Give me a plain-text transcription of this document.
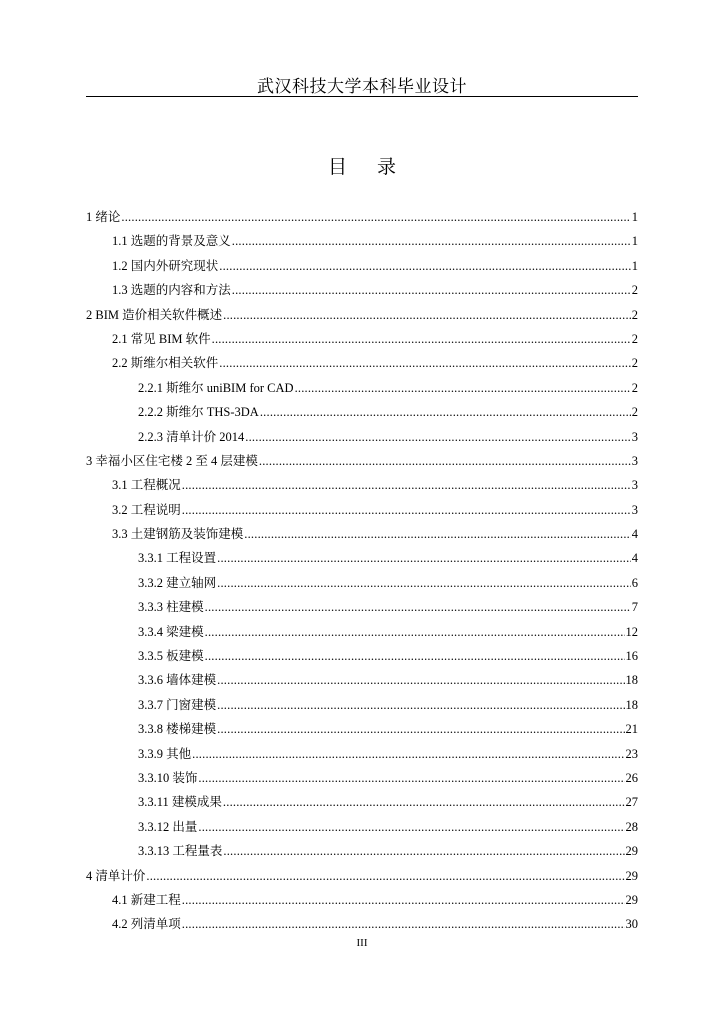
武汉科技大学本科毕业设计
目 录
1 绪论 .....	1
1.1 选题的背景及意义 .....	1
1.2 国内外研究现状 .....	1
1.3 选题的内容和方法 .....	2
2 BIM 造价相关软件概述 .....	2
2.1 常见 BIM 软件 .....	2
2.2 斯维尔相关软件 .....	2
2.2.1 斯维尔 uniBIM for CAD .....	2
2.2.2 斯维尔 THS-3DA .....	2
2.2.3 清单计价 2014 .....	3
3 幸福小区住宅楼 2 至 4 层建模 .....	3
3.1 工程概况 .....	3
3.2 工程说明 .....	3
3.3 土建钢筋及装饰建模 .....	4
3.3.1 工程设置 .....	4
3.3.2 建立轴网 .....	6
3.3.3 柱建模 .....	7
3.3.4 梁建模 .....	12
3.3.5 板建模 .....	16
3.3.6 墙体建模 .....	18
3.3.7 门窗建模 .....	18
3.3.8 楼梯建模 .....	21
3.3.9 其他 .....	23
3.3.10 装饰 .....	26
3.3.11 建模成果 .....	27
3.3.12 出量 .....	28
3.3.13 工程量表 .....	29
4 清单计价 .....	29
4.1 新建工程 .....	29
4.2 列清单项 .....	30
III
